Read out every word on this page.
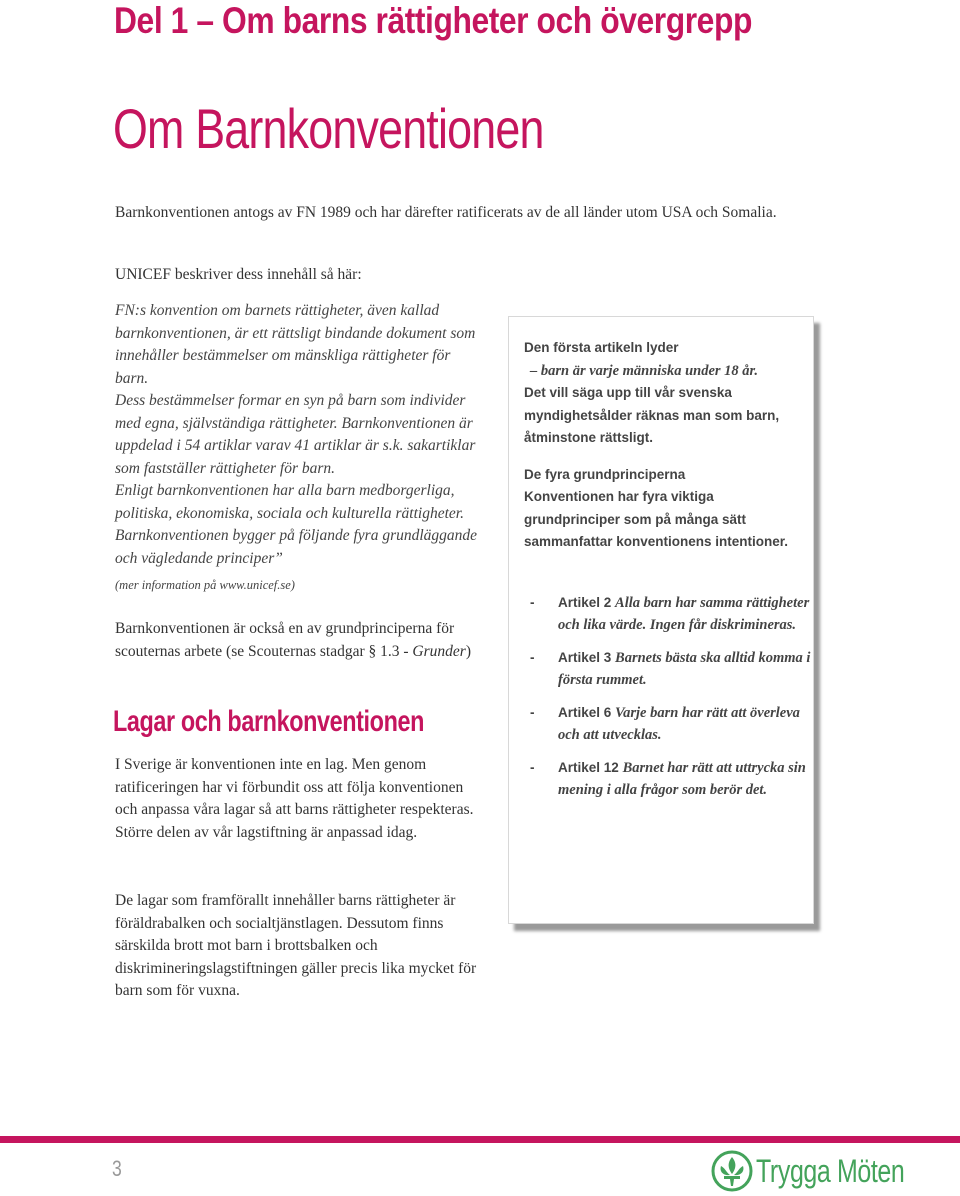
Del 1 – Om barns rättigheter och övergrepp
Om Barnkonventionen
Barnkonventionen antogs av FN 1989 och har därefter ratificerats av de all länder utom USA och Somalia.
UNICEF beskriver dess innehåll så här:

FN:s konvention om barnets rättigheter, även kallad barnkonventionen, är ett rättsligt bindande dokument som innehåller bestämmelser om mänskliga rättigheter för barn.

Dess bestämmelser formar en syn på barn som individer med egna, självständiga rättigheter. Barnkonventionen är uppdelad i 54 artiklar varav 41 artiklar är s.k. sakartiklar som fastställer rättigheter för barn.

Enligt barnkonventionen har alla barn medborgerliga, politiska, ekonomiska, sociala och kulturella rättigheter. Barnkonventionen bygger på följande fyra grundläggande och vägledande principer”

(mer information på www.unicef.se)

Barnkonventionen är också en av grundprinciperna för scouternas arbete (se Scouternas stadgar § 1.3 - Grunder)
Lagar och barnkonventionen
I Sverige är konventionen inte en lag. Men genom ratificeringen har vi förbundit oss att följa konventionen och anpassa våra lagar så att barns rättigheter respekteras. Större delen av vår lagstiftning är anpassad idag.
De lagar som framförallt innehåller barns rättigheter är föräldrabalken och socialtjänstlagen. Dessutom finns särskilda brott mot barn i brottsbalken och diskrimineringslagstiftningen gäller precis lika mycket för barn som för vuxna.

Den första artikeln lyder

– barn är varje människa under 18 år.

Det vill säga upp till vår svenska myndighetsålder räknas man som barn, åtminstone rättsligt.

De fyra grundprinciperna

Konventionen har fyra viktiga grundprinciper som på många sätt sammanfattar konventionens intentioner.

- Artikel 2 Alla barn har samma rättigheter och lika värde. Ingen får diskrimineras.
- Artikel 3 Barnets bästa ska alltid komma i första rummet.
- Artikel 6 Varje barn har rätt att överleva och att utvecklas.
- Artikel 12 Barnet har rätt att uttrycka sin mening i alla frågor som berör det.
3	Trygga Möten
